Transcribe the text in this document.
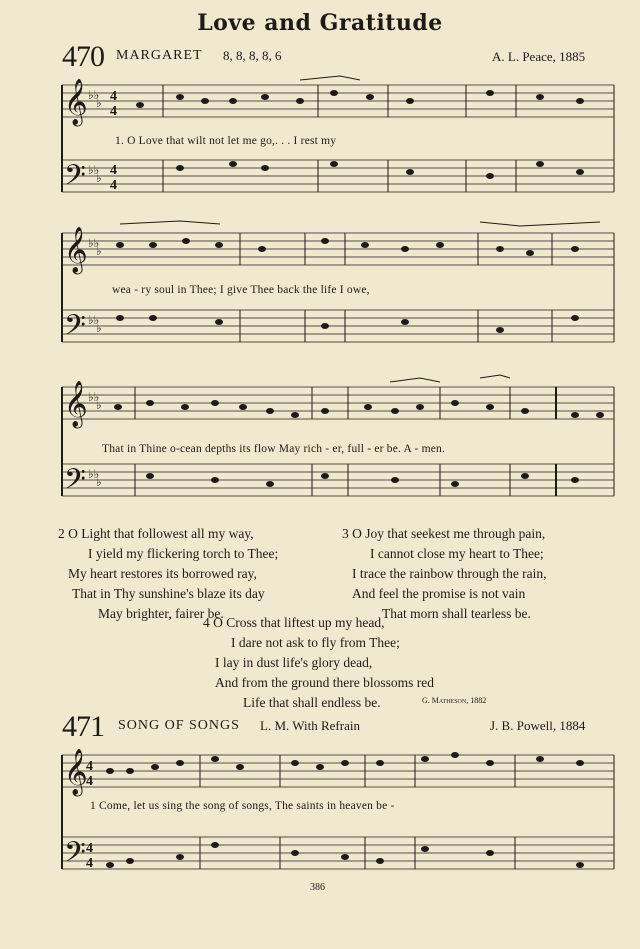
Love and Gratitude
470 MARGARET 8, 8, 8, 8, 6	A. L. Peace, 1885
𝄞
𝄢
♭♭
♭
♭♭
♭
4
4
4
4
1. O Love that wilt not let me go,. . . I rest my
𝄞
𝄢
♭♭
♭
♭♭
♭
wea - ry soul in Thee; I give Thee back the life I owe,
𝄞
𝄢
♭♭
♭
♭♭
♭
That in Thine o-cean depths its flow May rich - er, full - er be. A - men.
2 O Light that followest all my way,
I yield my flickering torch to Thee;
My heart restores its borrowed ray,
That in Thy sunshine's blaze its day
May brighter, fairer be.
3 O Joy that seekest me through pain,
I cannot close my heart to Thee;
I trace the rainbow through the rain,
And feel the promise is not vain
That morn shall tearless be.
4 O Cross that liftest up my head,
I dare not ask to fly from Thee;
I lay in dust life's glory dead,
And from the ground there blossoms red
Life that shall endless be.	G. Matheson, 1882
471 SONG OF SONGS L. M. With Refrain	J. B. Powell, 1884
𝄞
𝄢
4
4
4
4
1 Come, let us sing the song of songs, The saints in heaven be -
386
